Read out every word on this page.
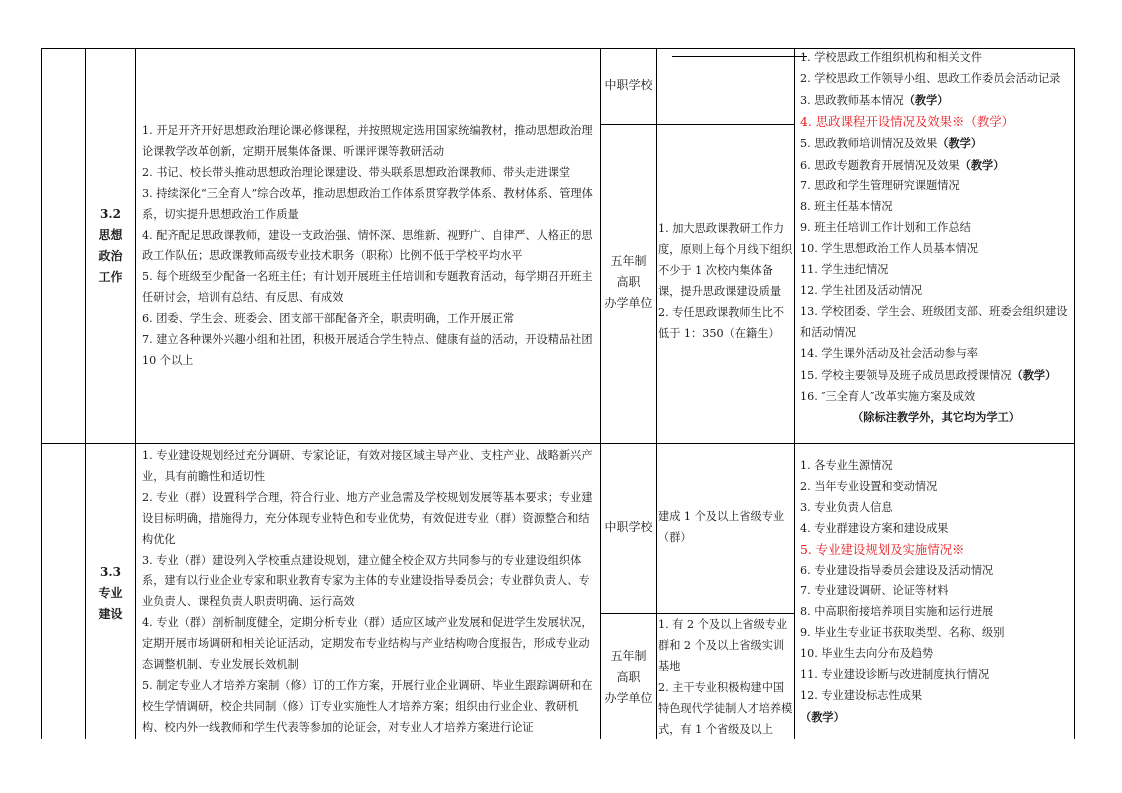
3.2

思想

政治

工作

1. 开足开齐开好思想政治理论课必修课程，并按照规定选用国家统编教材，推动思想政治理论课教学改革创新，定期开展集体备课、听课评课等教研活动

2. 书记、校长带头推动思想政治理论课建设、带头联系思想政治课教师、带头走进课堂

3. 持续深化“三全育人”综合改革，推动思想政治工作体系贯穿教学体系、教材体系、管理体系，切实提升思想政治工作质量

4. 配齐配足思政课教师，建设一支政治强、情怀深、思维新、视野广、自律严、人格正的思政工作队伍；思政课教师高级专业技术职务（职称）比例不低于学校平均水平

5. 每个班级至少配备一名班主任；有计划开展班主任培训和专题教育活动，每学期召开班主任研讨会，培训有总结、有反思、有成效

6. 团委、学生会、班委会、团支部干部配备齐全，职责明确，工作开展正常

7. 建立各种课外兴趣小组和社团，积极开展适合学生特点、健康有益的活动，开设精品社团 10 个以上

中职学校

五年制

高职

办学单位

1. 加大思政课教研工作力度，原则上每个月线下组织不少于 1 次校内集体备课，提升思政课建设质量

2. 专任思政课教师生比不低于 1：350（在籍生）

1. 学校思政工作组织机构和相关文件

2. 学校思政工作领导小组、思政工作委员会活动记录

3. 思政教师基本情况（教学）

4. 思政课程开设情况及效果※（教学）

5. 思政教师培训情况及效果（教学）

6. 思政专题教育开展情况及效果（教学）

7. 思政和学生管理研究课题情况

8. 班主任基本情况

9. 班主任培训工作计划和工作总结

10. 学生思想政治工作人员基本情况

11. 学生违纪情况

12. 学生社团及活动情况

13. 学校团委、学生会、班级团支部、班委会组织建设和活动情况

14. 学生课外活动及社会活动参与率

15. 学校主要领导及班子成员思政授课情况（教学）

16. ″三全育人″改革实施方案及成效

（除标注教学外，其它均为学工）

3.3

专业

建设

1. 专业建设规划经过充分调研、专家论证，有效对接区域主导产业、支柱产业、战略新兴产业，具有前瞻性和适切性

2. 专业（群）设置科学合理，符合行业、地方产业急需及学校规划发展等基本要求；专业建设目标明确，措施得力，充分体现专业特色和专业优势，有效促进专业（群）资源整合和结构优化

3. 专业（群）建设列入学校重点建设规划，建立健全校企双方共同参与的专业建设组织体系，建有以行业企业专家和职业教育专家为主体的专业建设指导委员会；专业群负责人、专业负责人、课程负责人职责明确、运行高效

4. 专业（群）剖析制度健全，定期分析专业（群）适应区域产业发展和促进学生发展状况，定期开展市场调研和相关论证活动，定期发布专业结构与产业结构吻合度报告，形成专业动态调整机制、专业发展长效机制

5. 制定专业人才培养方案制（修）订的工作方案，开展行业企业调研、毕业生跟踪调研和在校生学情调研，校企共同制（修）订专业实施性人才培养方案；组织由行业企业、教研机构、校内外一线教师和学生代表等参加的论证会，对专业人才培养方案进行论证

中职学校

建成 1 个及以上省级专业（群）

五年制

高职

办学单位

1. 有 2 个及以上省级专业群和 2 个及以上省级实训基地

2. 主干专业积极构建中国特色现代学徒制人才培养模式，有 1 个省级及以上

1. 各专业生源情况

2. 当年专业设置和变动情况

3. 专业负责人信息

4. 专业群建设方案和建设成果

5. 专业建设规划及实施情况※

6. 专业建设指导委员会建设及活动情况

7. 专业建设调研、论证等材料

8. 中高职衔接培养项目实施和运行进展

9. 毕业生专业证书获取类型、名称、级别

10. 毕业生去向分布及趋势

11. 专业建设诊断与改进制度执行情况

12. 专业建设标志性成果

（教学）
